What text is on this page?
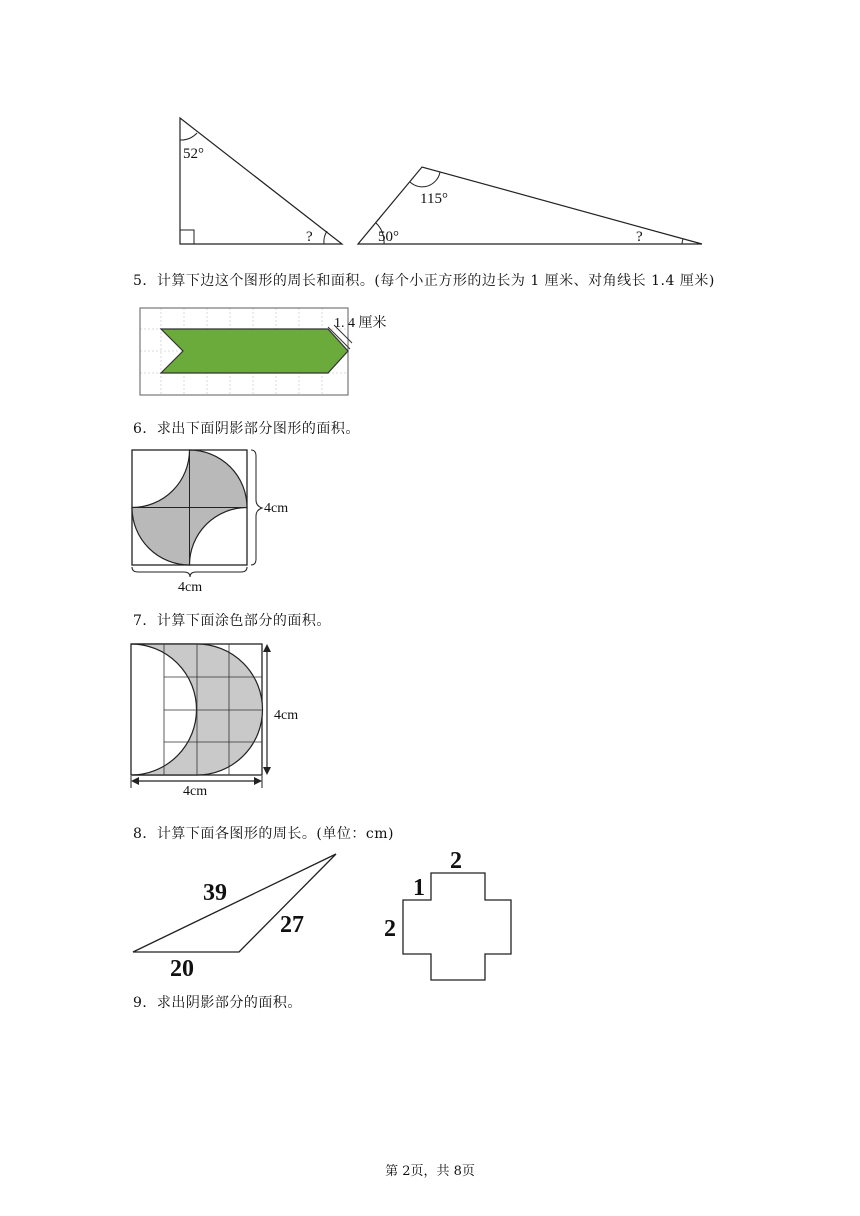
52°
?
115°
50°	?
5．计算下边这个图形的周长和面积。(每个小正方形的边长为 1 厘米、对角线长 1.4 厘米)
1. 4 厘米
6．求出下面阴影部分图形的面积。
4cm
4cm
7．计算下面涂色部分的面积。
4cm
4cm
8．计算下面各图形的周长。(单位：cm)
39
27
20
2
1
2
9．求出阴影部分的面积。
第 2页，共 8页
